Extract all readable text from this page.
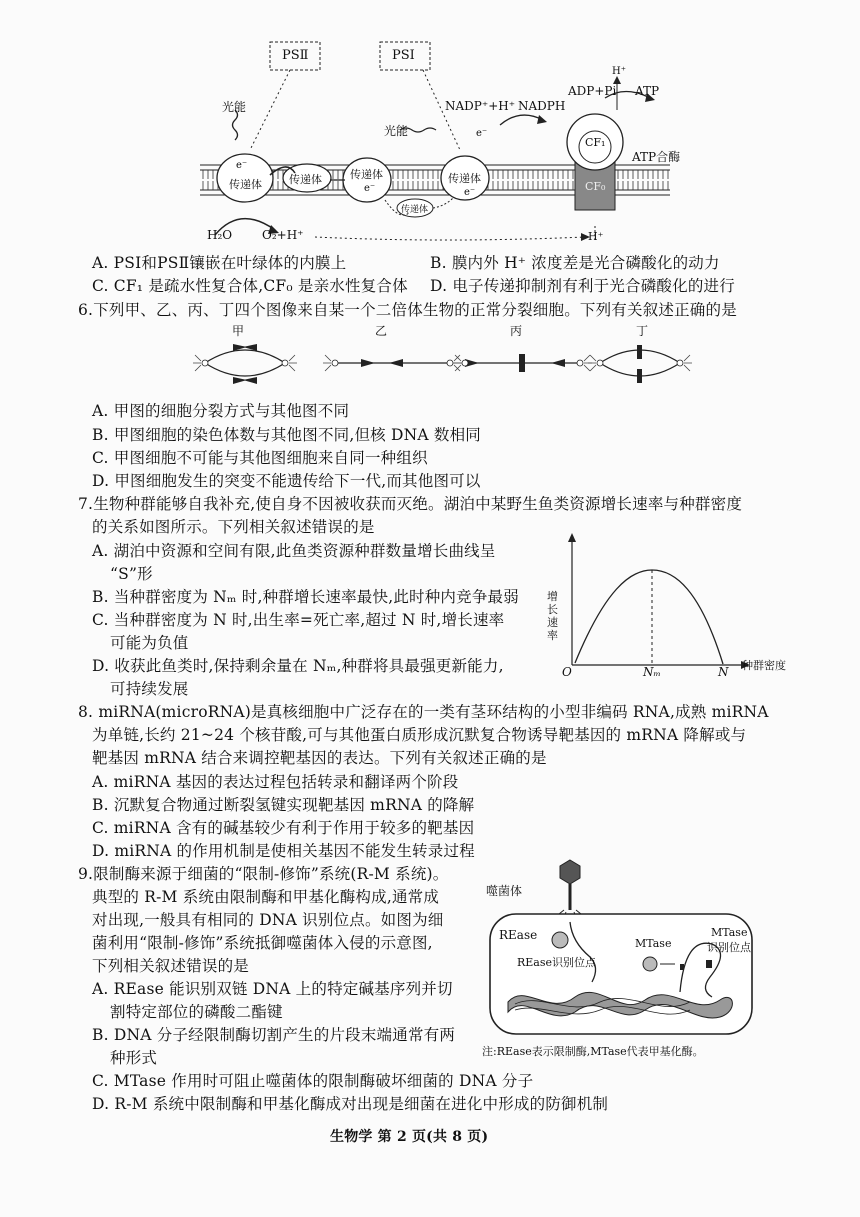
PSⅡ	PSⅠ
光能
光能
NADP⁺+H⁺ NADPH
ADP+Pi ATP
H⁺
CF₁
CF₀
ATP合酶
e⁻
传递体 传递体	传递体
e⁻
传递体
传递体
e⁻
e⁻
H₂O O₂+H⁺	H⁺
A. PSⅠ和PSⅡ镶嵌在叶绿体的内膜上	B. 膜内外 H⁺ 浓度差是光合磷酸化的动力
C. CF₁ 是疏水性复合体,CF₀ 是亲水性复合体 D. 电子传递抑制剂有利于光合磷酸化的进行
6.下列甲、乙、丙、丁四个图像来自某一个二倍体生物的正常分裂细胞。下列有关叙述正确的是
甲	乙	丙	丁
A. 甲图的细胞分裂方式与其他图不同
B. 甲图细胞的染色体数与其他图不同,但核 DNA 数相同
C. 甲图细胞不可能与其他图细胞来自同一种组织
D. 甲图细胞发生的突变不能遗传给下一代,而其他图可以
7.生物种群能够自我补充,使自身不因被收获而灭绝。湖泊中某野生鱼类资源增长速率与种群密度
的关系如图所示。下列相关叙述错误的是
A. 湖泊中资源和空间有限,此鱼类资源种群数量增长曲线呈
“S”形
B. 当种群密度为 Nₘ 时,种群增长速率最快,此时种内竞争最弱
C. 当种群密度为 N 时,出生率=死亡率,超过 N 时,增长速率
可能为负值
D. 收获此鱼类时,保持剩余量在 Nₘ,种群将具最强更新能力,
可持续发展
增长速率
种群密度
O	Nₘ	N
8. miRNA(microRNA)是真核细胞中广泛存在的一类有茎环结构的小型非编码 RNA,成熟 miRNA
为单链,长约 21~24 个核苷酸,可与其他蛋白质形成沉默复合物诱导靶基因的 mRNA 降解或与
靶基因 mRNA 结合来调控靶基因的表达。下列有关叙述正确的是
A. miRNA 基因的表达过程包括转录和翻译两个阶段
B. 沉默复合物通过断裂氢键实现靶基因 mRNA 的降解
C. miRNA 含有的碱基较少有利于作用于较多的靶基因
D. miRNA 的作用机制是使相关基因不能发生转录过程
9.限制酶来源于细菌的“限制-修饰”系统(R-M 系统)。
典型的 R-M 系统由限制酶和甲基化酶构成,通常成
对出现,一般具有相同的 DNA 识别位点。如图为细
菌利用“限制-修饰”系统抵御噬菌体入侵的示意图,
下列相关叙述错误的是
A. REase 能识别双链 DNA 上的特定碱基序列并切
割特定部位的磷酸二酯键
B. DNA 分子经限制酶切割产生的片段末端通常有两
种形式
C. MTase 作用时可阻止噬菌体的限制酶破坏细菌的 DNA 分子
D. R-M 系统中限制酶和甲基化酶成对出现是细菌在进化中形成的防御机制
噬菌体
REase
REase识别位点
MTase
MTase
识别位点
注:REase表示限制酶,MTase代表甲基化酶。
生物学 第 2 页(共 8 页)
